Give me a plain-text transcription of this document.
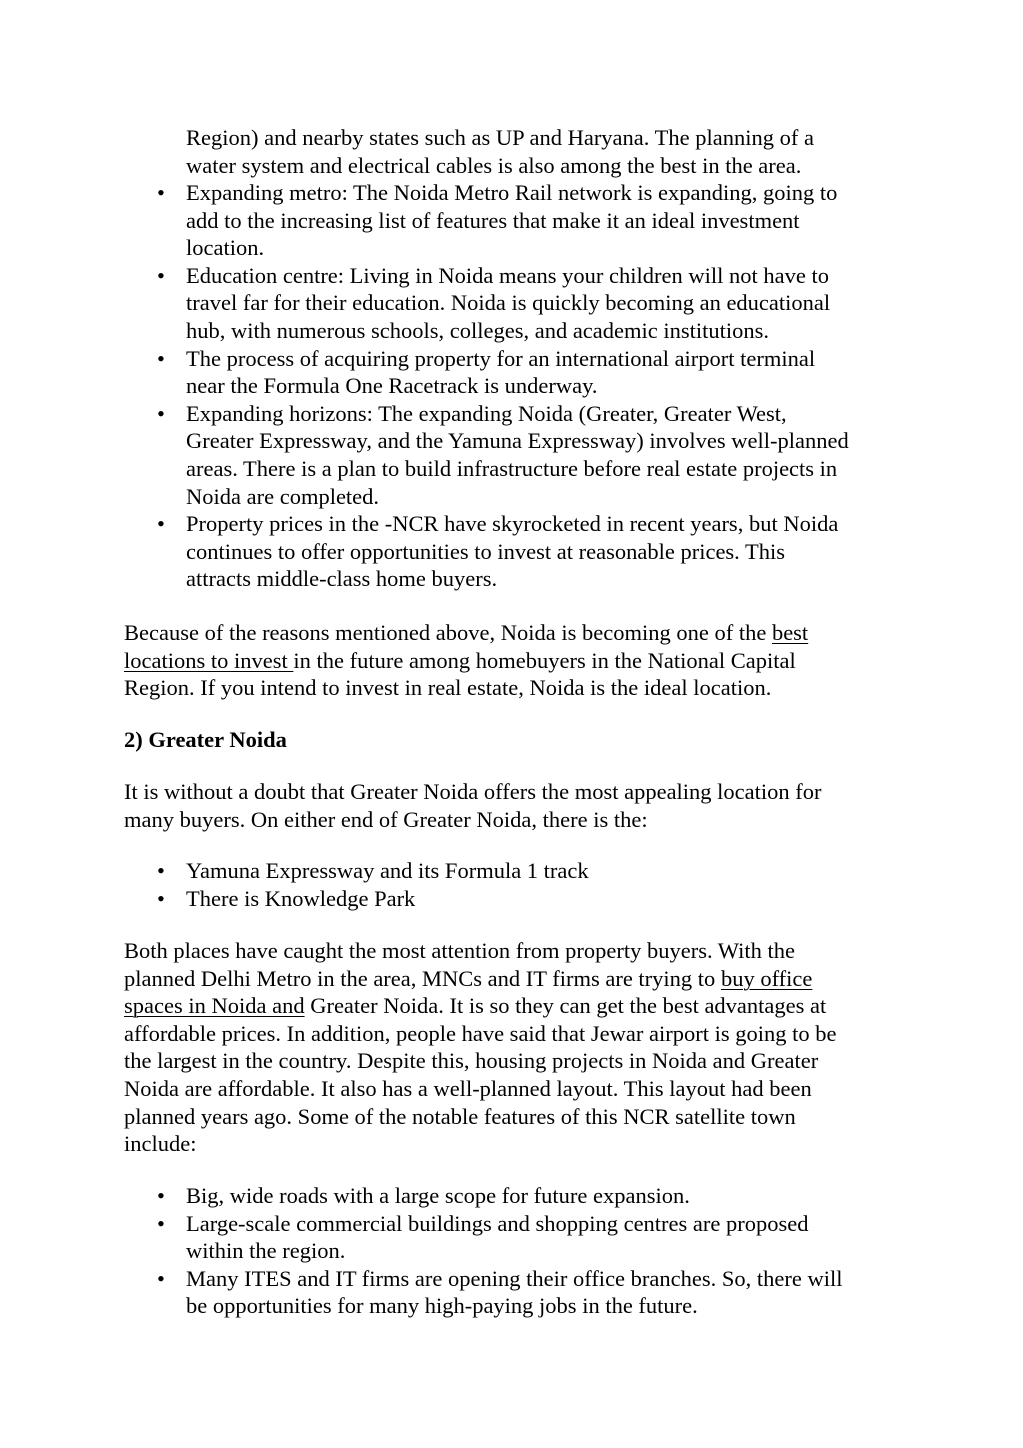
Region) and nearby states such as UP and Haryana. The planning of a
water system and electrical cables is also among the best in the area.
• Expanding metro: The Noida Metro Rail network is expanding, going to
add to the increasing list of features that make it an ideal investment
location.
• Education centre: Living in Noida means your children will not have to
travel far for their education. Noida is quickly becoming an educational
hub, with numerous schools, colleges, and academic institutions.
• The process of acquiring property for an international airport terminal
near the Formula One Racetrack is underway.
• Expanding horizons: The expanding Noida (Greater, Greater West,
Greater Expressway, and the Yamuna Expressway) involves well-planned
areas. There is a plan to build infrastructure before real estate projects in
Noida are completed.
• Property prices in the -NCR have skyrocketed in recent years, but Noida
continues to offer opportunities to invest at reasonable prices. This
attracts middle-class home buyers.
Because of the reasons mentioned above, Noida is becoming one of the best
locations to invest in the future among homebuyers in the National Capital
Region. If you intend to invest in real estate, Noida is the ideal location.
2) Greater Noida
It is without a doubt that Greater Noida offers the most appealing location for
many buyers. On either end of Greater Noida, there is the:
• Yamuna Expressway and its Formula 1 track
• There is Knowledge Park
Both places have caught the most attention from property buyers. With the
planned Delhi Metro in the area, MNCs and IT firms are trying to buy office
spaces in Noida and Greater Noida. It is so they can get the best advantages at
affordable prices. In addition, people have said that Jewar airport is going to be
the largest in the country. Despite this, housing projects in Noida and Greater
Noida are affordable. It also has a well-planned layout. This layout had been
planned years ago. Some of the notable features of this NCR satellite town
include:
• Big, wide roads with a large scope for future expansion.
• Large-scale commercial buildings and shopping centres are proposed
within the region.
• Many ITES and IT firms are opening their office branches. So, there will
be opportunities for many high-paying jobs in the future.
